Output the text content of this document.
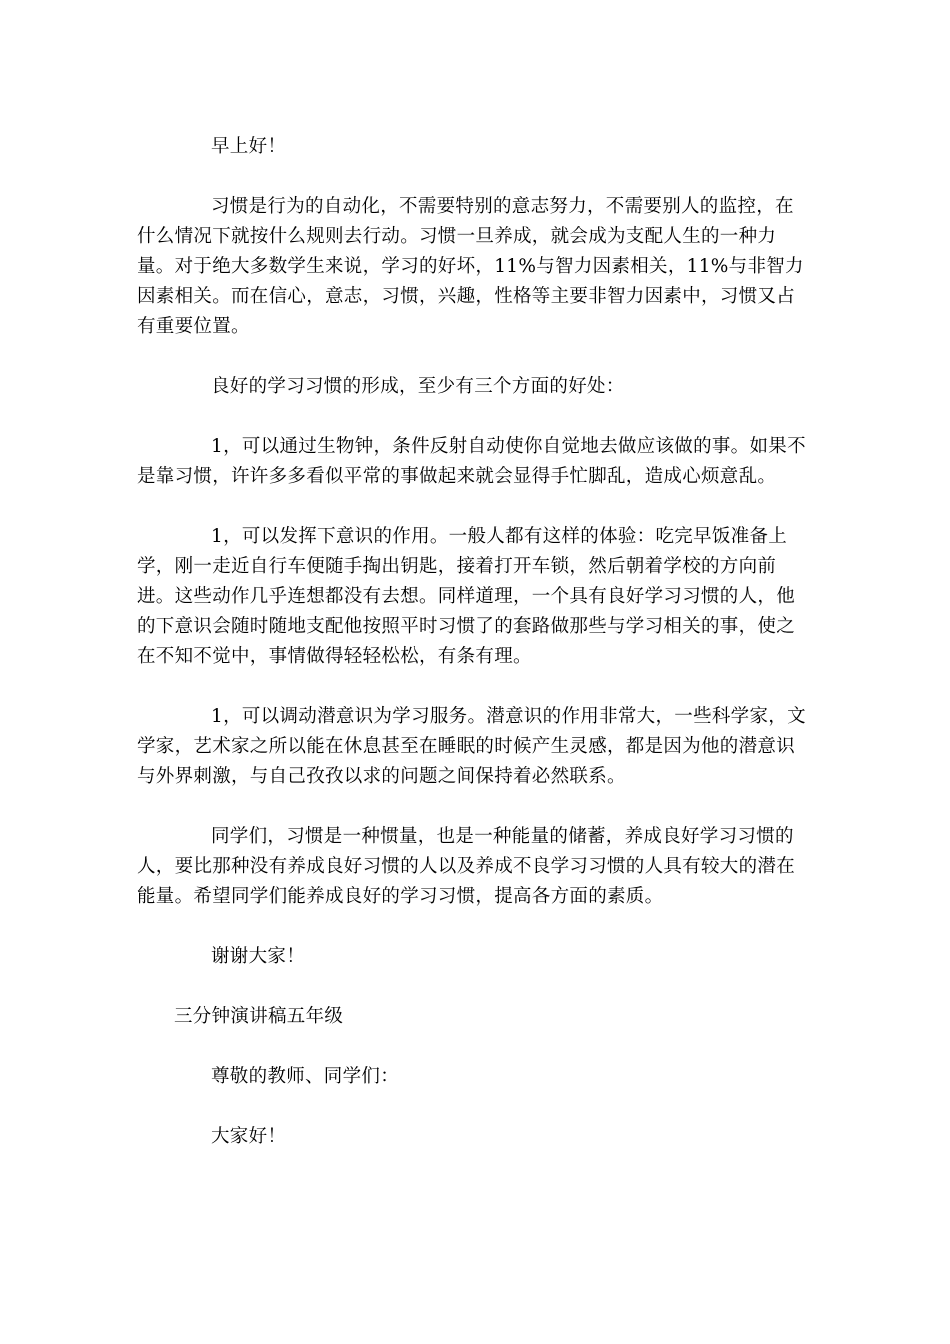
早上好！

习惯是行为的自动化，不需要特别的意志努力，不需要别人的监控，在什么情况下就按什么规则去行动。习惯一旦养成，就会成为支配人生的一种力量。对于绝大多数学生来说，学习的好坏，11%与智力因素相关，11%与非智力因素相关。而在信心，意志，习惯，兴趣，性格等主要非智力因素中，习惯又占有重要位置。

良好的学习习惯的形成，至少有三个方面的好处：

1，可以通过生物钟，条件反射自动使你自觉地去做应该做的事。如果不是靠习惯，许许多多看似平常的事做起来就会显得手忙脚乱，造成心烦意乱。

1，可以发挥下意识的作用。一般人都有这样的体验：吃完早饭准备上学，刚一走近自行车便随手掏出钥匙，接着打开车锁，然后朝着学校的方向前进。这些动作几乎连想都没有去想。同样道理，一个具有良好学习习惯的人，他的下意识会随时随地支配他按照平时习惯了的套路做那些与学习相关的事，使之在不知不觉中，事情做得轻轻松松，有条有理。

1，可以调动潜意识为学习服务。潜意识的作用非常大，一些科学家，文学家，艺术家之所以能在休息甚至在睡眠的时候产生灵感，都是因为他的潜意识与外界刺激，与自己孜孜以求的问题之间保持着必然联系。

同学们，习惯是一种惯量，也是一种能量的储蓄，养成良好学习习惯的人，要比那种没有养成良好习惯的人以及养成不良学习习惯的人具有较大的潜在能量。希望同学们能养成良好的学习习惯，提高各方面的素质。

谢谢大家！

三分钟演讲稿五年级

尊敬的教师、同学们：

大家好！
